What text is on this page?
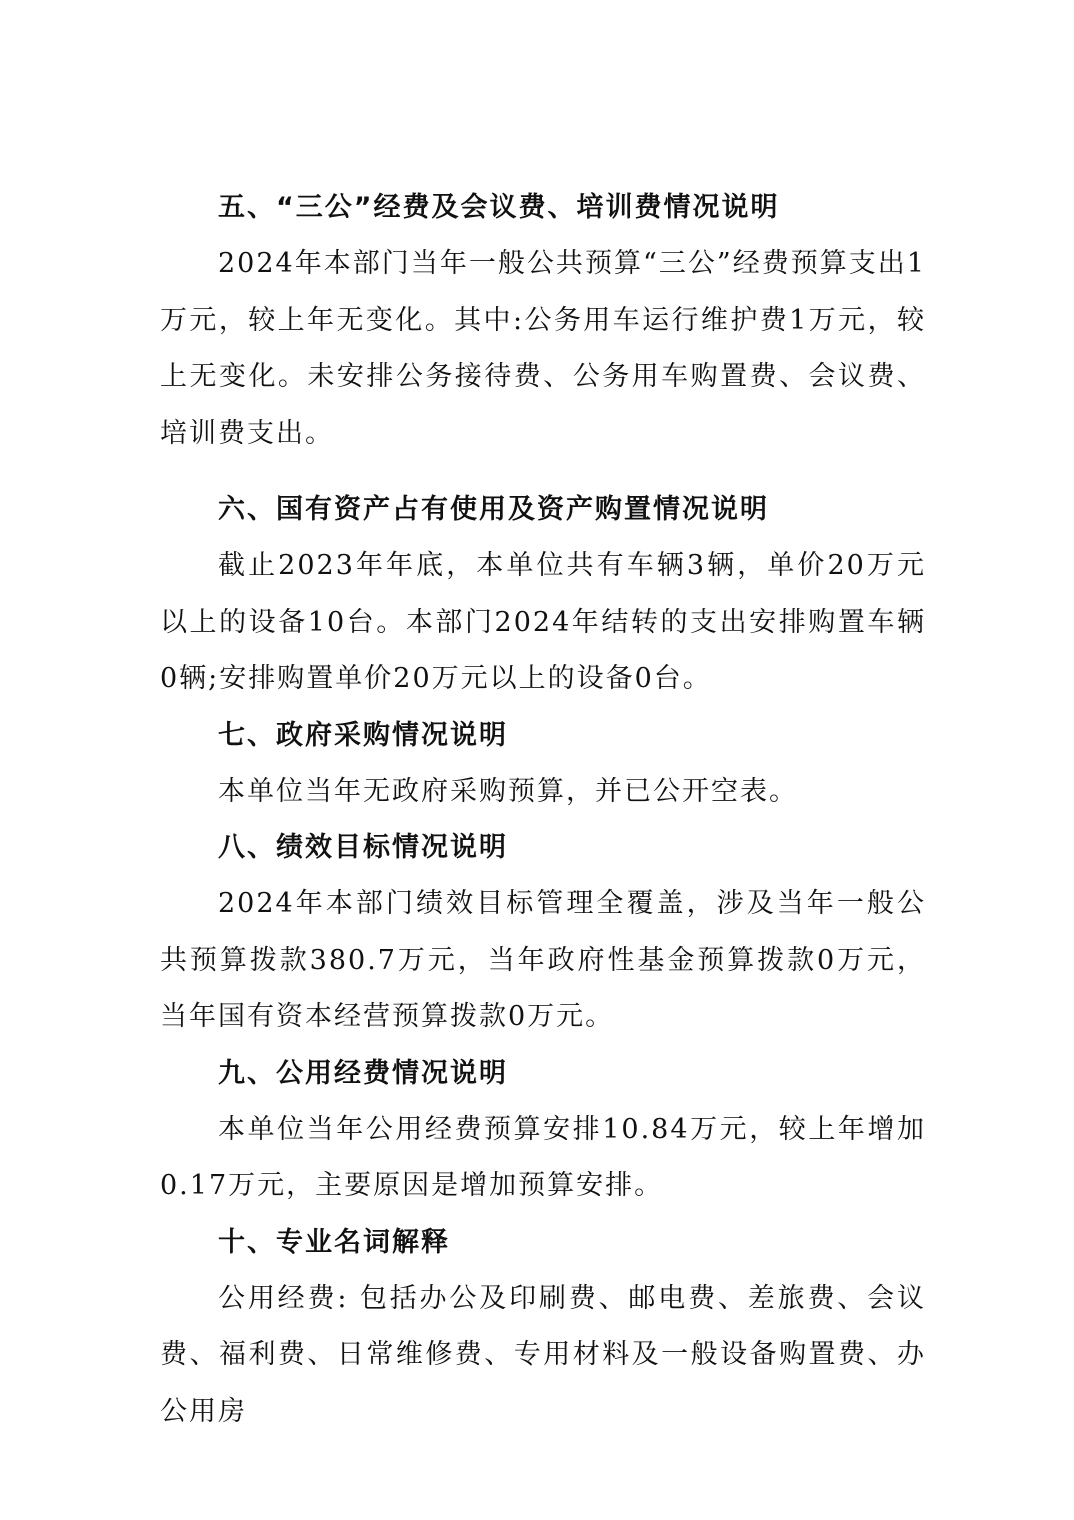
五、“三公”经费及会议费、培训费情况说明

2024年本部门当年一般公共预算“三公”经费预算支出1万元，较上年无变化。其中:公务用车运行维护费1万元，较上无变化。未安排公务接待费、公务用车购置费、会议费、培训费支出。

六、国有资产占有使用及资产购置情况说明

截止2023年年底，本单位共有车辆3辆，单价20万元以上的设备10台。本部门2024年结转的支出安排购置车辆0辆;安排购置单价20万元以上的设备0台。

七、政府采购情况说明

本单位当年无政府采购预算，并已公开空表。

八、绩效目标情况说明

2024年本部门绩效目标管理全覆盖，涉及当年一般公共预算拨款380.7万元，当年政府性基金预算拨款0万元，当年国有资本经营预算拨款0万元。

九、公用经费情况说明

本单位当年公用经费预算安排10.84万元，较上年增加0.17万元，主要原因是增加预算安排。

十、专业名词解释

公用经费: 包括办公及印刷费、邮电费、差旅费、会议费、福利费、日常维修费、专用材料及一般设备购置费、办公用房
